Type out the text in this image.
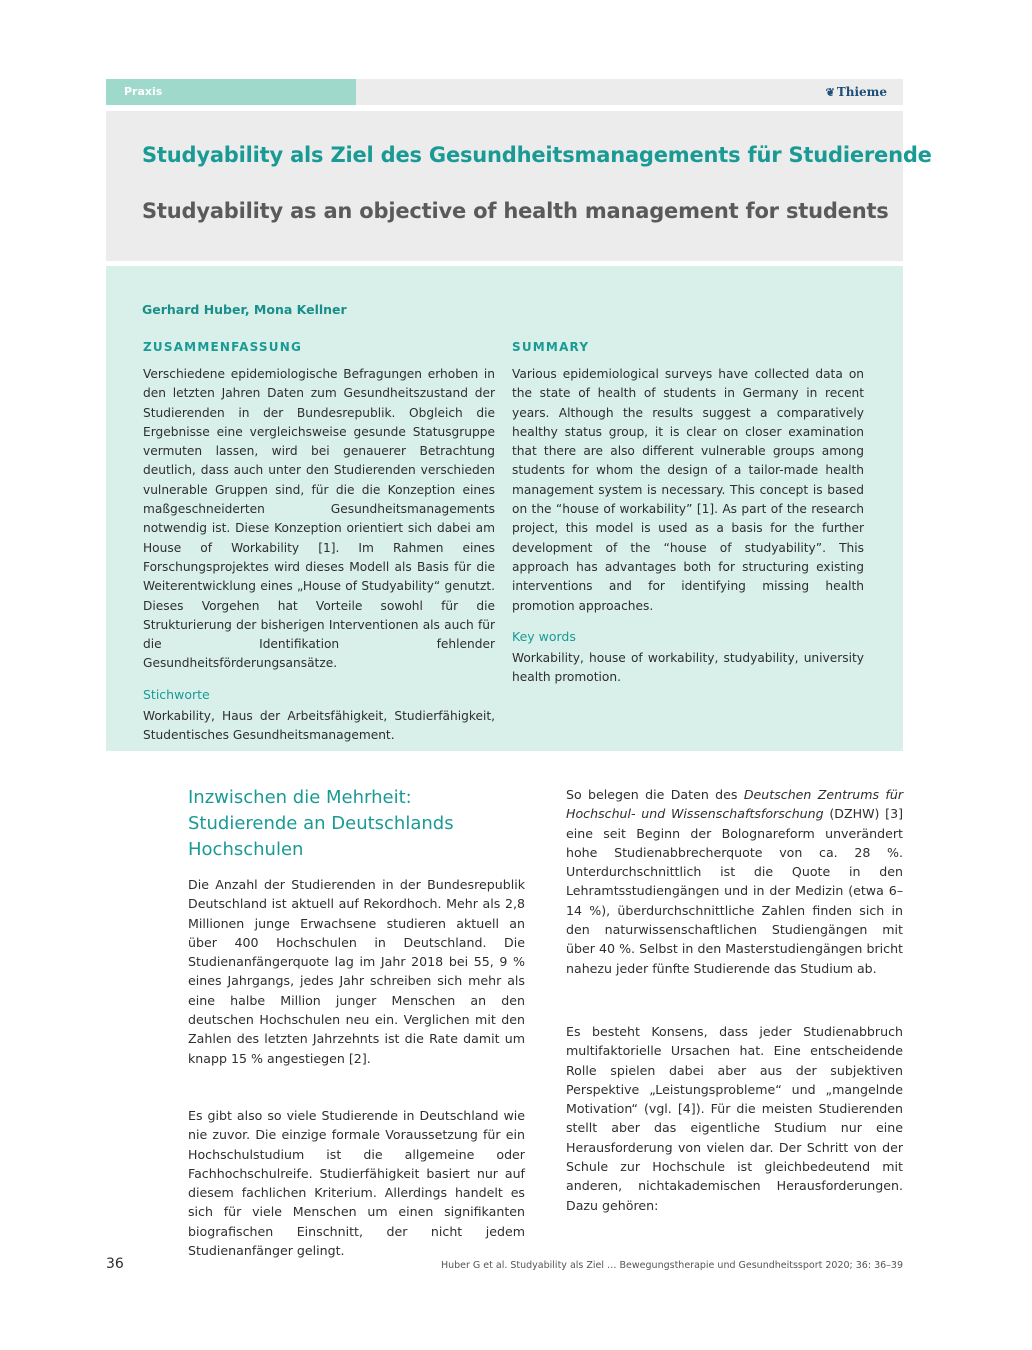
Praxis	❦ Thieme
Studyability als Ziel des Gesundheitsmanagements für Studierende
Studyability as an objective of health management for students
Gerhard Huber, Mona Kellner
ZUSAMMENFASSUNG

Verschiedene epidemiologische Befragungen erhoben in den letzten Jahren Daten zum Gesundheitszustand der Studierenden in der Bundesrepublik. Obgleich die Ergebnisse eine vergleichsweise gesunde Statusgruppe vermuten lassen, wird bei genauerer Betrachtung deutlich, dass auch unter den Studierenden verschieden vulnerable Gruppen sind, für die die Konzeption eines maßgeschneiderten Gesundheitsmanagements notwendig ist. Diese Konzeption orientiert sich dabei am House of Workability [1]. Im Rahmen eines Forschungsprojektes wird dieses Modell als Basis für die Weiterentwicklung eines „House of Studyability“ genutzt. Dieses Vorgehen hat Vorteile sowohl für die Strukturierung der bisherigen Interventionen als auch für die Identifikation fehlender Gesundheitsförderungsansätze.

Stichworte

Workability, Haus der Arbeitsfähigkeit, Studierfähigkeit, Studentisches Gesundheitsmanagement.

SUMMARY

Various epidemiological surveys have collected data on the state of health of students in Germany in recent years. Although the results suggest a comparatively healthy status group, it is clear on closer examination that there are also different vulnerable groups among students for whom the design of a tailor-made health management system is necessary. This concept is based on the “house of workability” [1]. As part of the research project, this model is used as a basis for the further development of the “house of studyability”. This approach has advantages both for structuring existing interventions and for identifying missing health promotion approaches.

Key words

Workability, house of workability, studyability, university health promotion.

Inzwischen die Mehrheit: Studierende an Deutschlands Hochschulen

Die Anzahl der Studierenden in der Bundesrepublik Deutschland ist aktuell auf Rekordhoch. Mehr als 2,8 Millionen junge Erwachsene studieren aktuell an über 400 Hochschulen in Deutschland. Die Studienanfängerquote lag im Jahr 2018 bei 55, 9 % eines Jahrgangs, jedes Jahr schreiben sich mehr als eine halbe Million junger Menschen an den deutschen Hochschulen neu ein. Verglichen mit den Zahlen des letzten Jahrzehnts ist die Rate damit um knapp 15 % angestiegen [2].

Es gibt also so viele Studierende in Deutschland wie nie zuvor. Die einzige formale Voraussetzung für ein Hochschulstudium ist die allgemeine oder Fachhochschulreife. Studierfähigkeit basiert nur auf diesem fachlichen Kriterium. Allerdings handelt es sich für viele Menschen um einen signifikanten biografischen Einschnitt, der nicht jedem Studienanfänger gelingt.

So belegen die Daten des Deutschen Zentrums für Hochschul- und Wissenschaftsforschung (DZHW) [3] eine seit Beginn der Bolognareform unverändert hohe Studienabbrecherquote von ca. 28 %. Unterdurchschnittlich ist die Quote in den Lehramtsstudiengängen und in der Medizin (etwa 6–14 %), überdurchschnittliche Zahlen finden sich in den naturwissenschaftlichen Studiengängen mit über 40 %. Selbst in den Masterstudiengängen bricht nahezu jeder fünfte Studierende das Studium ab.

Es besteht Konsens, dass jeder Studienabbruch multifaktorielle Ursachen hat. Eine entscheidende Rolle spielen dabei aber aus der subjektiven Perspektive „Leistungsprobleme“ und „mangelnde Motivation“ (vgl. [4]). Für die meisten Studierenden stellt aber das eigentliche Studium nur eine Herausforderung von vielen dar. Der Schritt von der Schule zur Hochschule ist gleichbedeutend mit anderen, nichtakademischen Herausforderungen. Dazu gehören:

36	Huber G et al. Studyability als Ziel … Bewegungstherapie und Gesundheitssport 2020; 36: 36–39
